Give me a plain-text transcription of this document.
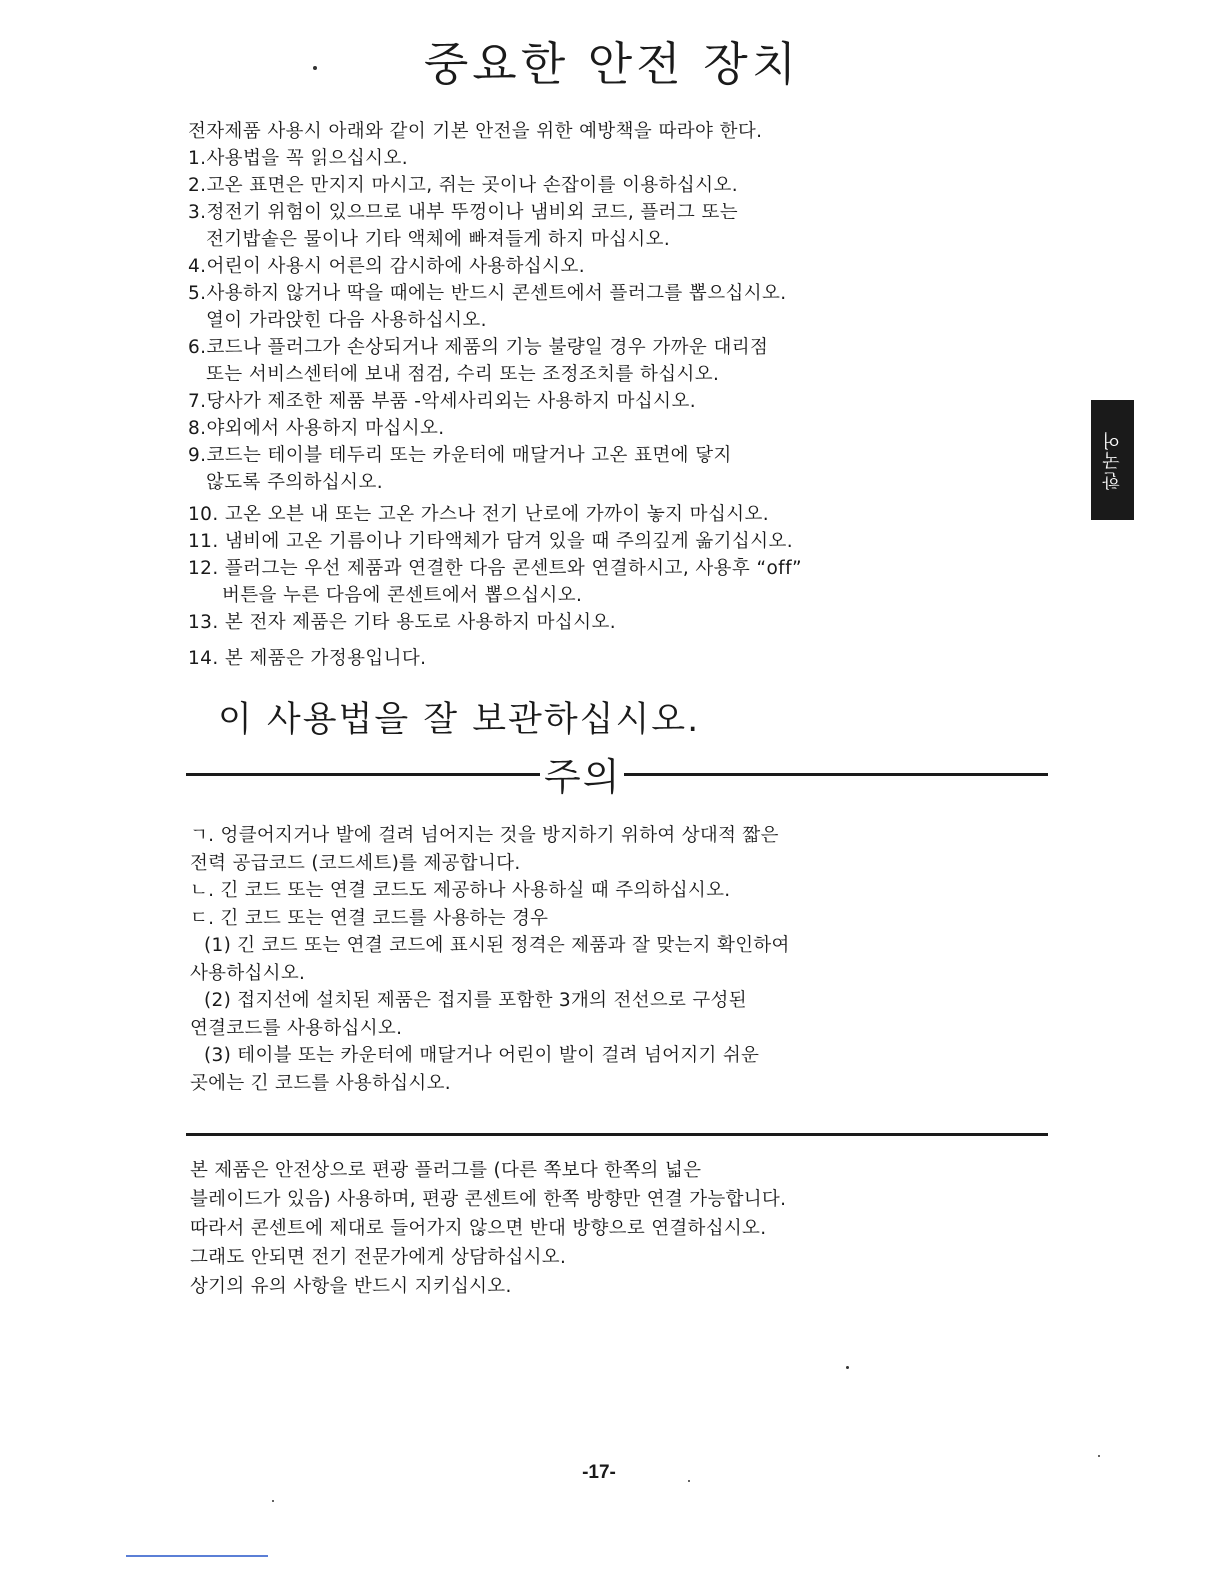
중요한 안전 장치

전자제품 사용시 아래와 같이 기본 안전을 위한 예방책을 따라야 한다.

1.사용법을 꼭 읽으십시오.

2.고온 표면은 만지지 마시고, 쥐는 곳이나 손잡이를 이용하십시오.

3.정전기 위험이 있으므로 내부 뚜껑이나 냄비외 코드, 플러그 또는
전기밥솥은 물이나 기타 액체에 빠져들게 하지 마십시오.

4.어린이 사용시 어른의 감시하에 사용하십시오.

5.사용하지 않거나 딱을 때에는 반드시 콘센트에서 플러그를 뽑으십시오.
열이 가라앉힌 다음 사용하십시오.

6.코드나 플러그가 손상되거나 제품의 기능 불량일 경우 가까운 대리점
또는 서비스센터에 보내 점검, 수리 또는 조정조치를 하십시오.

7.당사가 제조한 제품 부품 -악세사리외는 사용하지 마십시오.

8.야외에서 사용하지 마십시오.

9.코드는 테이블 테두리 또는 카운터에 매달거나 고온 표면에 닿지
않도록 주의하십시오.

10. 고온 오븐 내 또는 고온 가스나 전기 난로에 가까이 놓지 마십시오.

11. 냄비에 고온 기름이나 기타액체가 담겨 있을 때 주의깊게 옮기십시오.

12. 플러그는 우선 제품과 연결한 다음 콘센트와 연결하시고, 사용후 “off”
버튼을 누른 다음에 콘센트에서 뽑으십시오.

13. 본 전자 제품은 기타 용도로 사용하지 마십시오.

14. 본 제품은 가정용입니다.

이 사용법을 잘 보관하십시오.
주의

ㄱ. 엉클어지거나 발에 걸려 넘어지는 것을 방지하기 위하여 상대적 짧은

전력 공급코드 (코드세트)를 제공합니다.

ㄴ. 긴 코드 또는 연결 코드도 제공하나 사용하실 때 주의하십시오.

ㄷ. 긴 코드 또는 연결 코드를 사용하는 경우

(1) 긴 코드 또는 연결 코드에 표시된 정격은 제품과 잘 맞는지 확인하여

사용하십시오.

(2) 접지선에 설치된 제품은 접지를 포함한 3개의 전선으로 구성된

연결코드를 사용하십시오.

(3) 테이블 또는 카운터에 매달거나 어린이 발이 걸려 넘어지기 쉬운

곳에는 긴 코드를 사용하십시오.

본 제품은 안전상으로 편광 플러그를 (다른 쪽보다 한쪽의 넓은

블레이드가 있음) 사용하며, 편광 콘센트에 한쪽 방향만 연결 가능합니다.

따라서 콘센트에 제대로 들어가지 않으면 반대 방향으로 연결하십시오.

그래도 안되면 전기 전문가에게 상담하십시오.

상기의 유의 사항을 반드시 지키십시오.

-17-
한국어
